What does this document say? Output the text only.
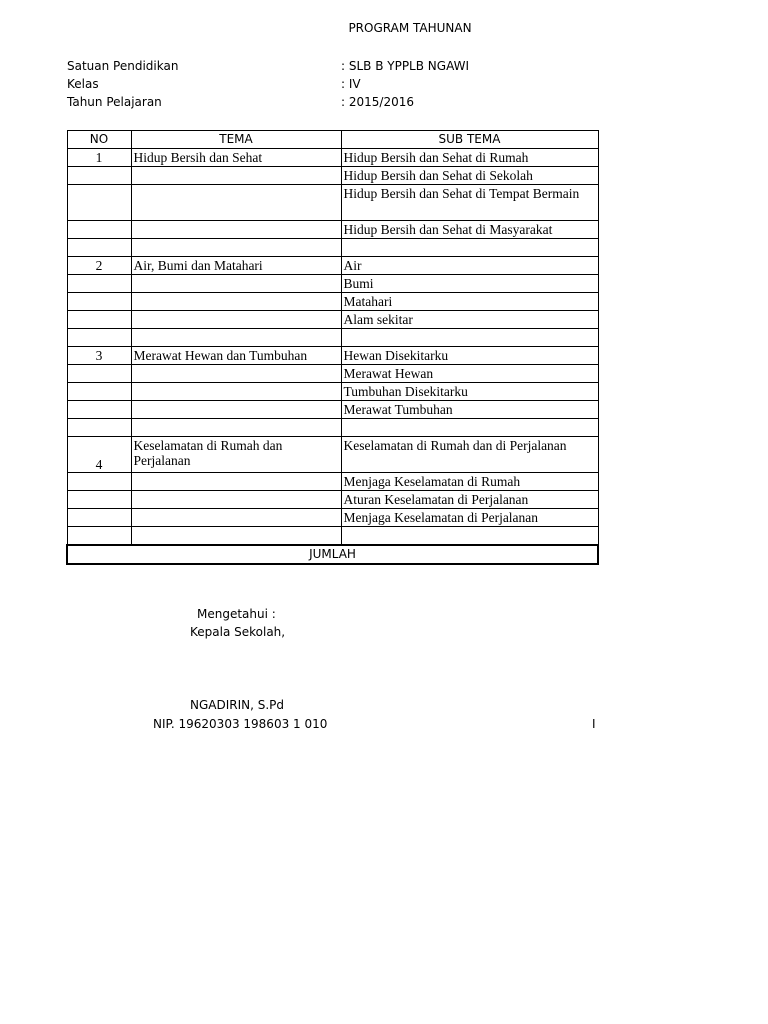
PROGRAM TAHUNAN
Satuan Pendidikan	: SLB B YPPLB NGAWI
Kelas	: IV
Tahun Pelajaran	: 2015/2016
NO	TEMA	SUB TEMA
1	Hidup Bersih dan Sehat	Hidup Bersih dan Sehat di Rumah
		Hidup Bersih dan Sehat di Sekolah
		Hidup Bersih dan Sehat di Tempat Bermain
		Hidup Bersih dan Sehat di Masyarakat

2	Air, Bumi dan Matahari	Air
		Bumi
		Matahari
		Alam sekitar

3	Merawat Hewan dan Tumbuhan	Hewan Disekitarku
		Merawat Hewan
		Tumbuhan Disekitarku
		Merawat Tumbuhan

4	Keselamatan di Rumah dan Perjalanan	Keselamatan di Rumah dan di Perjalanan
		Menjaga Keselamatan di Rumah
		Aturan Keselamatan di Perjalanan
		Menjaga Keselamatan di Perjalanan

JUMLAH		
Mengetahui :
Kepala Sekolah,
NGADIRIN, S.Pd
NIP. 19620303 198603 1 010	I
